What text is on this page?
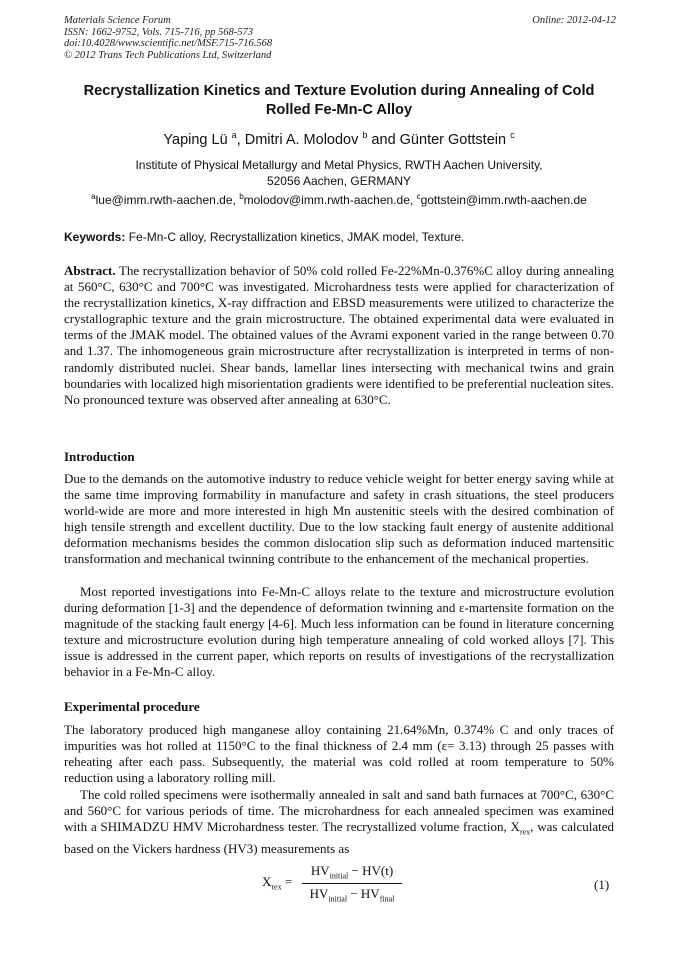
Materials Science Forum
ISSN: 1662-9752, Vols. 715-716, pp 568-573
doi:10.4028/www.scientific.net/MSF.715-716.568
© 2012 Trans Tech Publications Ltd, Switzerland
Online: 2012-04-12
Recrystallization Kinetics and Texture Evolution during Annealing of Cold Rolled Fe-Mn-C Alloy
Yaping Lü $^a$, Dmitri A. Molodov $^b$ and Günter Gottstein $^c$
Institute of Physical Metallurgy and Metal Physics, RWTH Aachen University,
52056 Aachen, GERMANY
$^a$lue@imm.rwth-aachen.de, $^b$molodov@imm.rwth-aachen.de, $^c$gottstein@imm.rwth-aachen.de
Keywords: Fe-Mn-C alloy, Recrystallization kinetics, JMAK model, Texture.
Abstract. The recrystallization behavior of 50% cold rolled Fe-22%Mn-0.376%C alloy during annealing at 560°C, 630°C and 700°C was investigated. Microhardness tests were applied for characterization of the recrystallization kinetics, X-ray diffraction and EBSD measurements were utilized to characterize the crystallographic texture and the grain microstructure. The obtained experimental data were evaluated in terms of the JMAK model. The obtained values of the Avrami exponent varied in the range between 0.70 and 1.37. The inhomogeneous grain microstructure after recrystallization is interpreted in terms of non-randomly distributed nuclei. Shear bands, lamellar lines intersecting with mechanical twins and grain boundaries with localized high misorientation gradients were identified to be preferential nucleation sites. No pronounced texture was observed after annealing at 630°C.
Introduction
Due to the demands on the automotive industry to reduce vehicle weight for better energy saving while at the same time improving formability in manufacture and safety in crash situations, the steel producers world-wide are more and more interested in high Mn austenitic steels with the desired combination of high tensile strength and excellent ductility. Due to the low stacking fault energy of austenite additional deformation mechanisms besides the common dislocation slip such as deformation induced martensitic transformation and mechanical twinning contribute to the enhancement of the mechanical properties.
Most reported investigations into Fe-Mn-C alloys relate to the texture and microstructure evolution during deformation [1-3] and the dependence of deformation twinning and ε-martensite formation on the magnitude of the stacking fault energy [4-6]. Much less information can be found in literature concerning texture and microstructure evolution during high temperature annealing of cold worked alloys [7]. This issue is addressed in the current paper, which reports on results of investigations of the recrystallization behavior in a Fe-Mn-C alloy.
Experimental procedure
The laboratory produced high manganese alloy containing 21.64%Mn, 0.374% C and only traces of impurities was hot rolled at 1150°C to the final thickness of 2.4 mm (ε= 3.13) through 25 passes with reheating after each pass. Subsequently, the material was cold rolled at room temperature to 50% reduction using a laboratory rolling mill.
The cold rolled specimens were isothermally annealed in salt and sand bath furnaces at 700°C, 630°C and 560°C for various periods of time. The microhardness for each annealed specimen was examined with a SHIMADZU HMV Microhardness tester. The recrystallized volume fraction, $X_{rex}$, was calculated based on the Vickers hardness (HV3) measurements as
$X_{rex}$ =
$HV_{initial} - HV(t)$
$HV_{initial} - HV_{final}$
(1)
